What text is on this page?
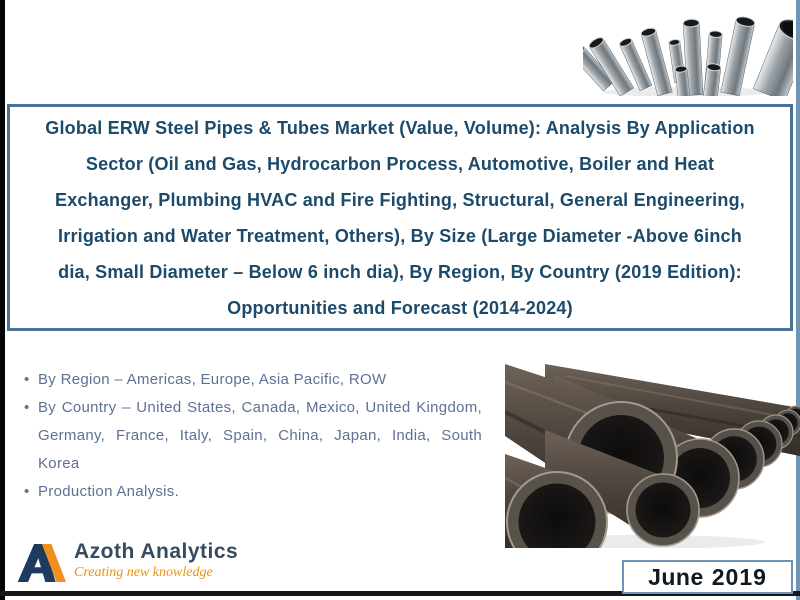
Global ERW Steel Pipes & Tubes Market (Value, Volume): Analysis By Application
Sector (Oil and Gas, Hydrocarbon Process, Automotive, Boiler and Heat
Exchanger, Plumbing HVAC and Fire Fighting, Structural, General Engineering,
Irrigation and Water Treatment, Others), By Size (Large Diameter -Above 6inch
dia, Small Diameter – Below 6 inch dia), By Region, By Country (2019 Edition):
Opportunities and Forecast (2014-2024)
• By Region – Americas, Europe, Asia Pacific, ROW
• By Country – United States, Canada, Mexico, United Kingdom, Germany, France, Italy, Spain, China, Japan, India, South Korea
• Production Analysis.
Azoth Analytics
Creating new knowledge	June 2019
